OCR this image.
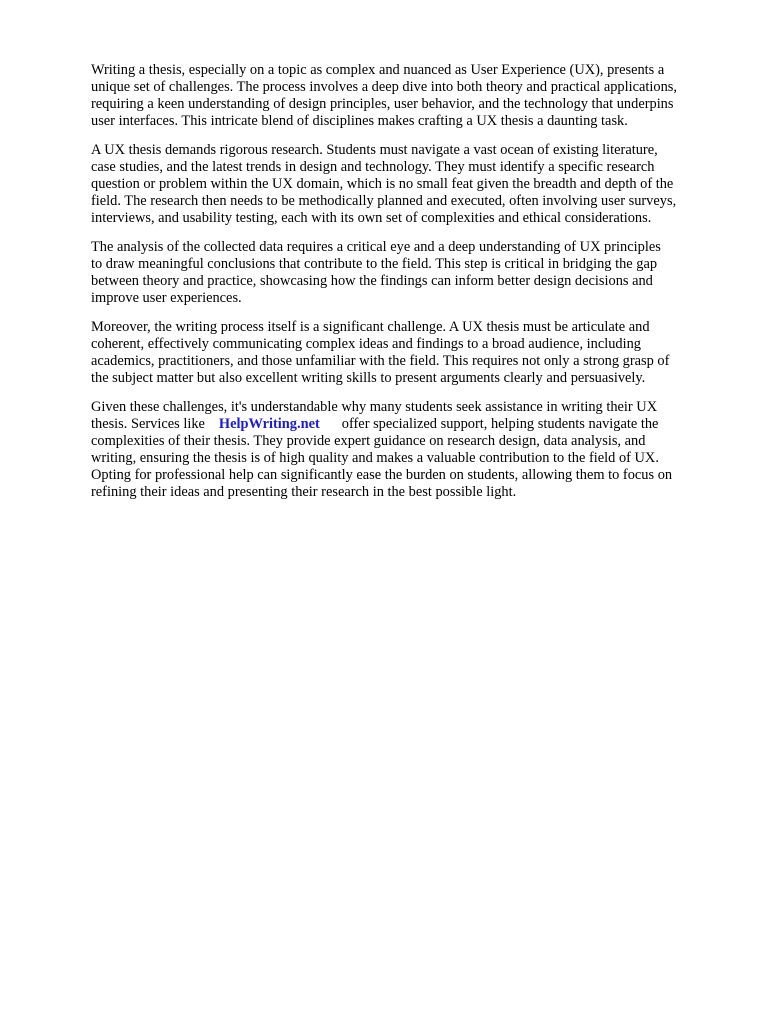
Writing a thesis, especially on a topic as complex and nuanced as User Experience (UX), presents a
unique set of challenges. The process involves a deep dive into both theory and practical applications,
requiring a keen understanding of design principles, user behavior, and the technology that underpins
user interfaces. This intricate blend of disciplines makes crafting a UX thesis a daunting task.

A UX thesis demands rigorous research. Students must navigate a vast ocean of existing literature,
case studies, and the latest trends in design and technology. They must identify a specific research
question or problem within the UX domain, which is no small feat given the breadth and depth of the
field. The research then needs to be methodically planned and executed, often involving user surveys,
interviews, and usability testing, each with its own set of complexities and ethical considerations.

The analysis of the collected data requires a critical eye and a deep understanding of UX principles
to draw meaningful conclusions that contribute to the field. This step is critical in bridging the gap
between theory and practice, showcasing how the findings can inform better design decisions and
improve user experiences.

Moreover, the writing process itself is a significant challenge. A UX thesis must be articulate and
coherent, effectively communicating complex ideas and findings to a broad audience, including
academics, practitioners, and those unfamiliar with the field. This requires not only a strong grasp of
the subject matter but also excellent writing skills to present arguments clearly and persuasively.

Given these challenges, it's understandable why many students seek assistance in writing their UX
thesis. Services like HelpWriting.net offer specialized support, helping students navigate the
complexities of their thesis. They provide expert guidance on research design, data analysis, and
writing, ensuring the thesis is of high quality and makes a valuable contribution to the field of UX.
Opting for professional help can significantly ease the burden on students, allowing them to focus on
refining their ideas and presenting their research in the best possible light.
